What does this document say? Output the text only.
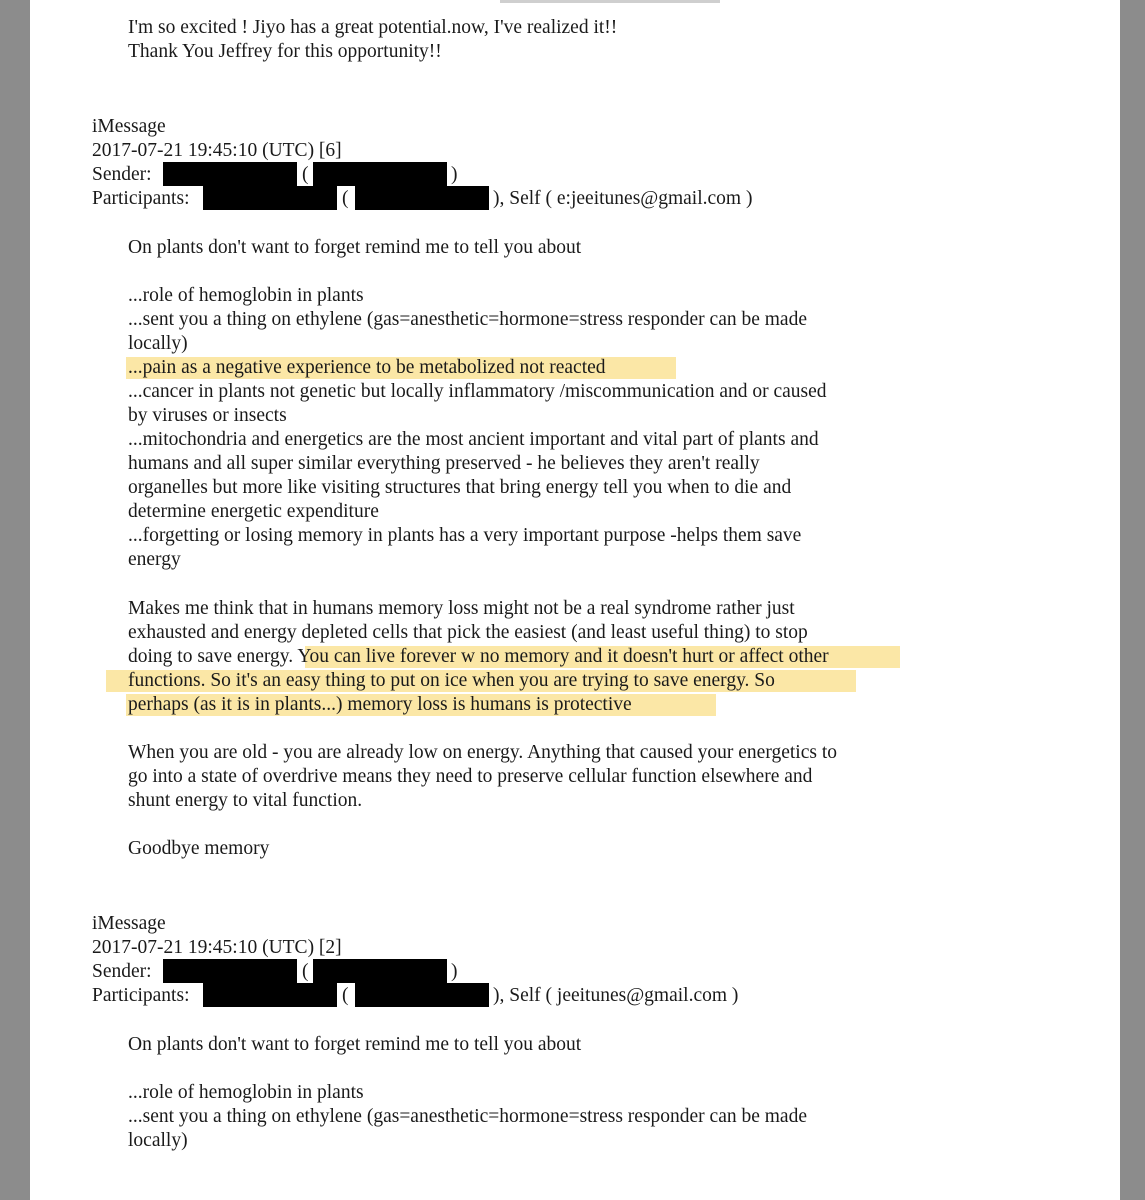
I'm so excited ! Jiyo has a great potential.now, I've realized it!!
Thank You Jeffrey for this opportunity!!
iMessage
2017-07-21 19:45:10 (UTC) [6]
Sender:	(	)
Participants:	(	), Self ( e:jeeitunes@gmail.com )
On plants don't want to forget remind me to tell you about
...role of hemoglobin in plants
...sent you a thing on ethylene (gas=anesthetic=hormone=stress responder can be made
locally)
...pain as a negative experience to be metabolized not reacted
...cancer in plants not genetic but locally inflammatory /miscommunication and or caused
by viruses or insects
...mitochondria and energetics are the most ancient important and vital part of plants and
humans and all super similar everything preserved - he believes they aren't really
organelles but more like visiting structures that bring energy tell you when to die and
determine energetic expenditure
...forgetting or losing memory in plants has a very important purpose -helps them save
energy
Makes me think that in humans memory loss might not be a real syndrome rather just
exhausted and energy depleted cells that pick the easiest (and least useful thing) to stop
doing to save energy. You can live forever w no memory and it doesn't hurt or affect other
functions. So it's an easy thing to put on ice when you are trying to save energy. So
perhaps (as it is in plants...) memory loss is humans is protective
When you are old - you are already low on energy. Anything that caused your energetics to
go into a state of overdrive means they need to preserve cellular function elsewhere and
shunt energy to vital function.
Goodbye memory
iMessage
2017-07-21 19:45:10 (UTC) [2]
Sender:	(	)
Participants:	(	), Self ( jeeitunes@gmail.com )
On plants don't want to forget remind me to tell you about
...role of hemoglobin in plants
...sent you a thing on ethylene (gas=anesthetic=hormone=stress responder can be made
locally)
